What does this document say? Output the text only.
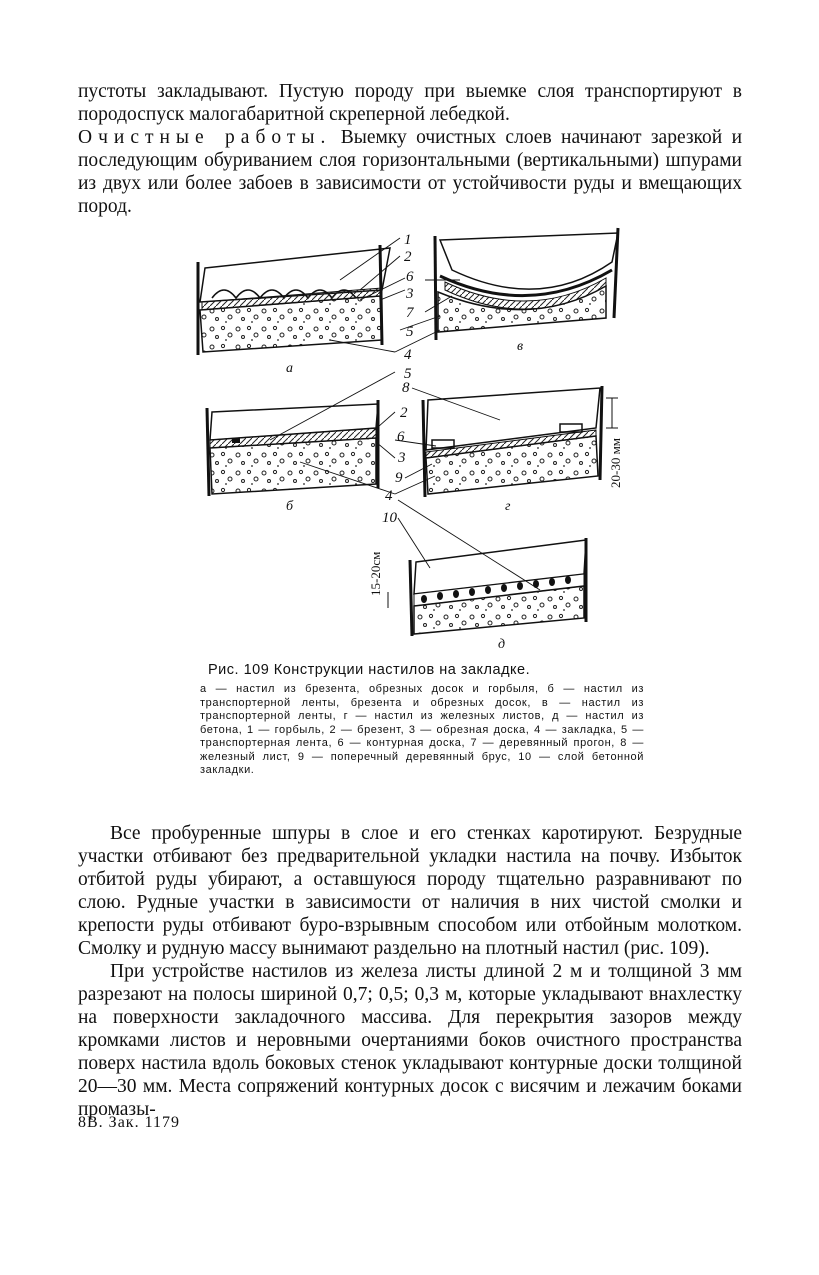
пустоты закладывают. Пустую породу при выемке слоя транспортируют в породоспуск малогабаритной скреперной лебедкой.
Очистные работы. Выемку очистных слоев начинают зарезкой и последующим обуриванием слоя горизонтальными (вертикальными) шпурами из двух или более забоев в зависимости от устойчивости руды и вмещающих пород.
а
в
б	г
20-30 мм
д
15-20см
1
2
6
3
7
5
4
5
2
6
3
9
4
8
10
Рис. 109 Конструкции настилов на закладке.
а — настил из брезента, обрезных досок и горбыля, б — настил из транспортерной ленты, брезента и обрезных досок, в — настил из транспортерной ленты, г — настил из железных листов, д — настил из бетона, 1 — горбыль, 2 — брезент, 3 — обрезная доска, 4 — закладка, 5 — транспортерная лента, 6 — контурная доска, 7 — деревянный прогон, 8 — железный лист, 9 — поперечный деревянный брус, 10 — слой бетонной закладки.
Все пробуренные шпуры в слое и его стенках каротируют. Безрудные участки отбивают без предварительной укладки настила на почву. Избыток отбитой руды убирают, а оставшуюся породу тщательно разравнивают по слою. Рудные участки в зависимости от наличия в них чистой смолки и крепости руды отбивают буро-взрывным способом или отбойным молотком. Смолку и рудную массу вынимают раздельно на плотный настил (рис. 109).
При устройстве настилов из железа листы длиной 2 м и толщиной 3 мм разрезают на полосы шириной 0,7; 0,5; 0,3 м, которые укладывают внахлестку на поверхности закладочного массива. Для перекрытия зазоров между кромками листов и неровными очертаниями боков очистного пространства поверх настила вдоль боковых стенок укладывают контурные доски толщиной 20—30 мм. Места сопряжений контурных досок с висячим и лежачим боками промазы-
8В. Зак. 1179
